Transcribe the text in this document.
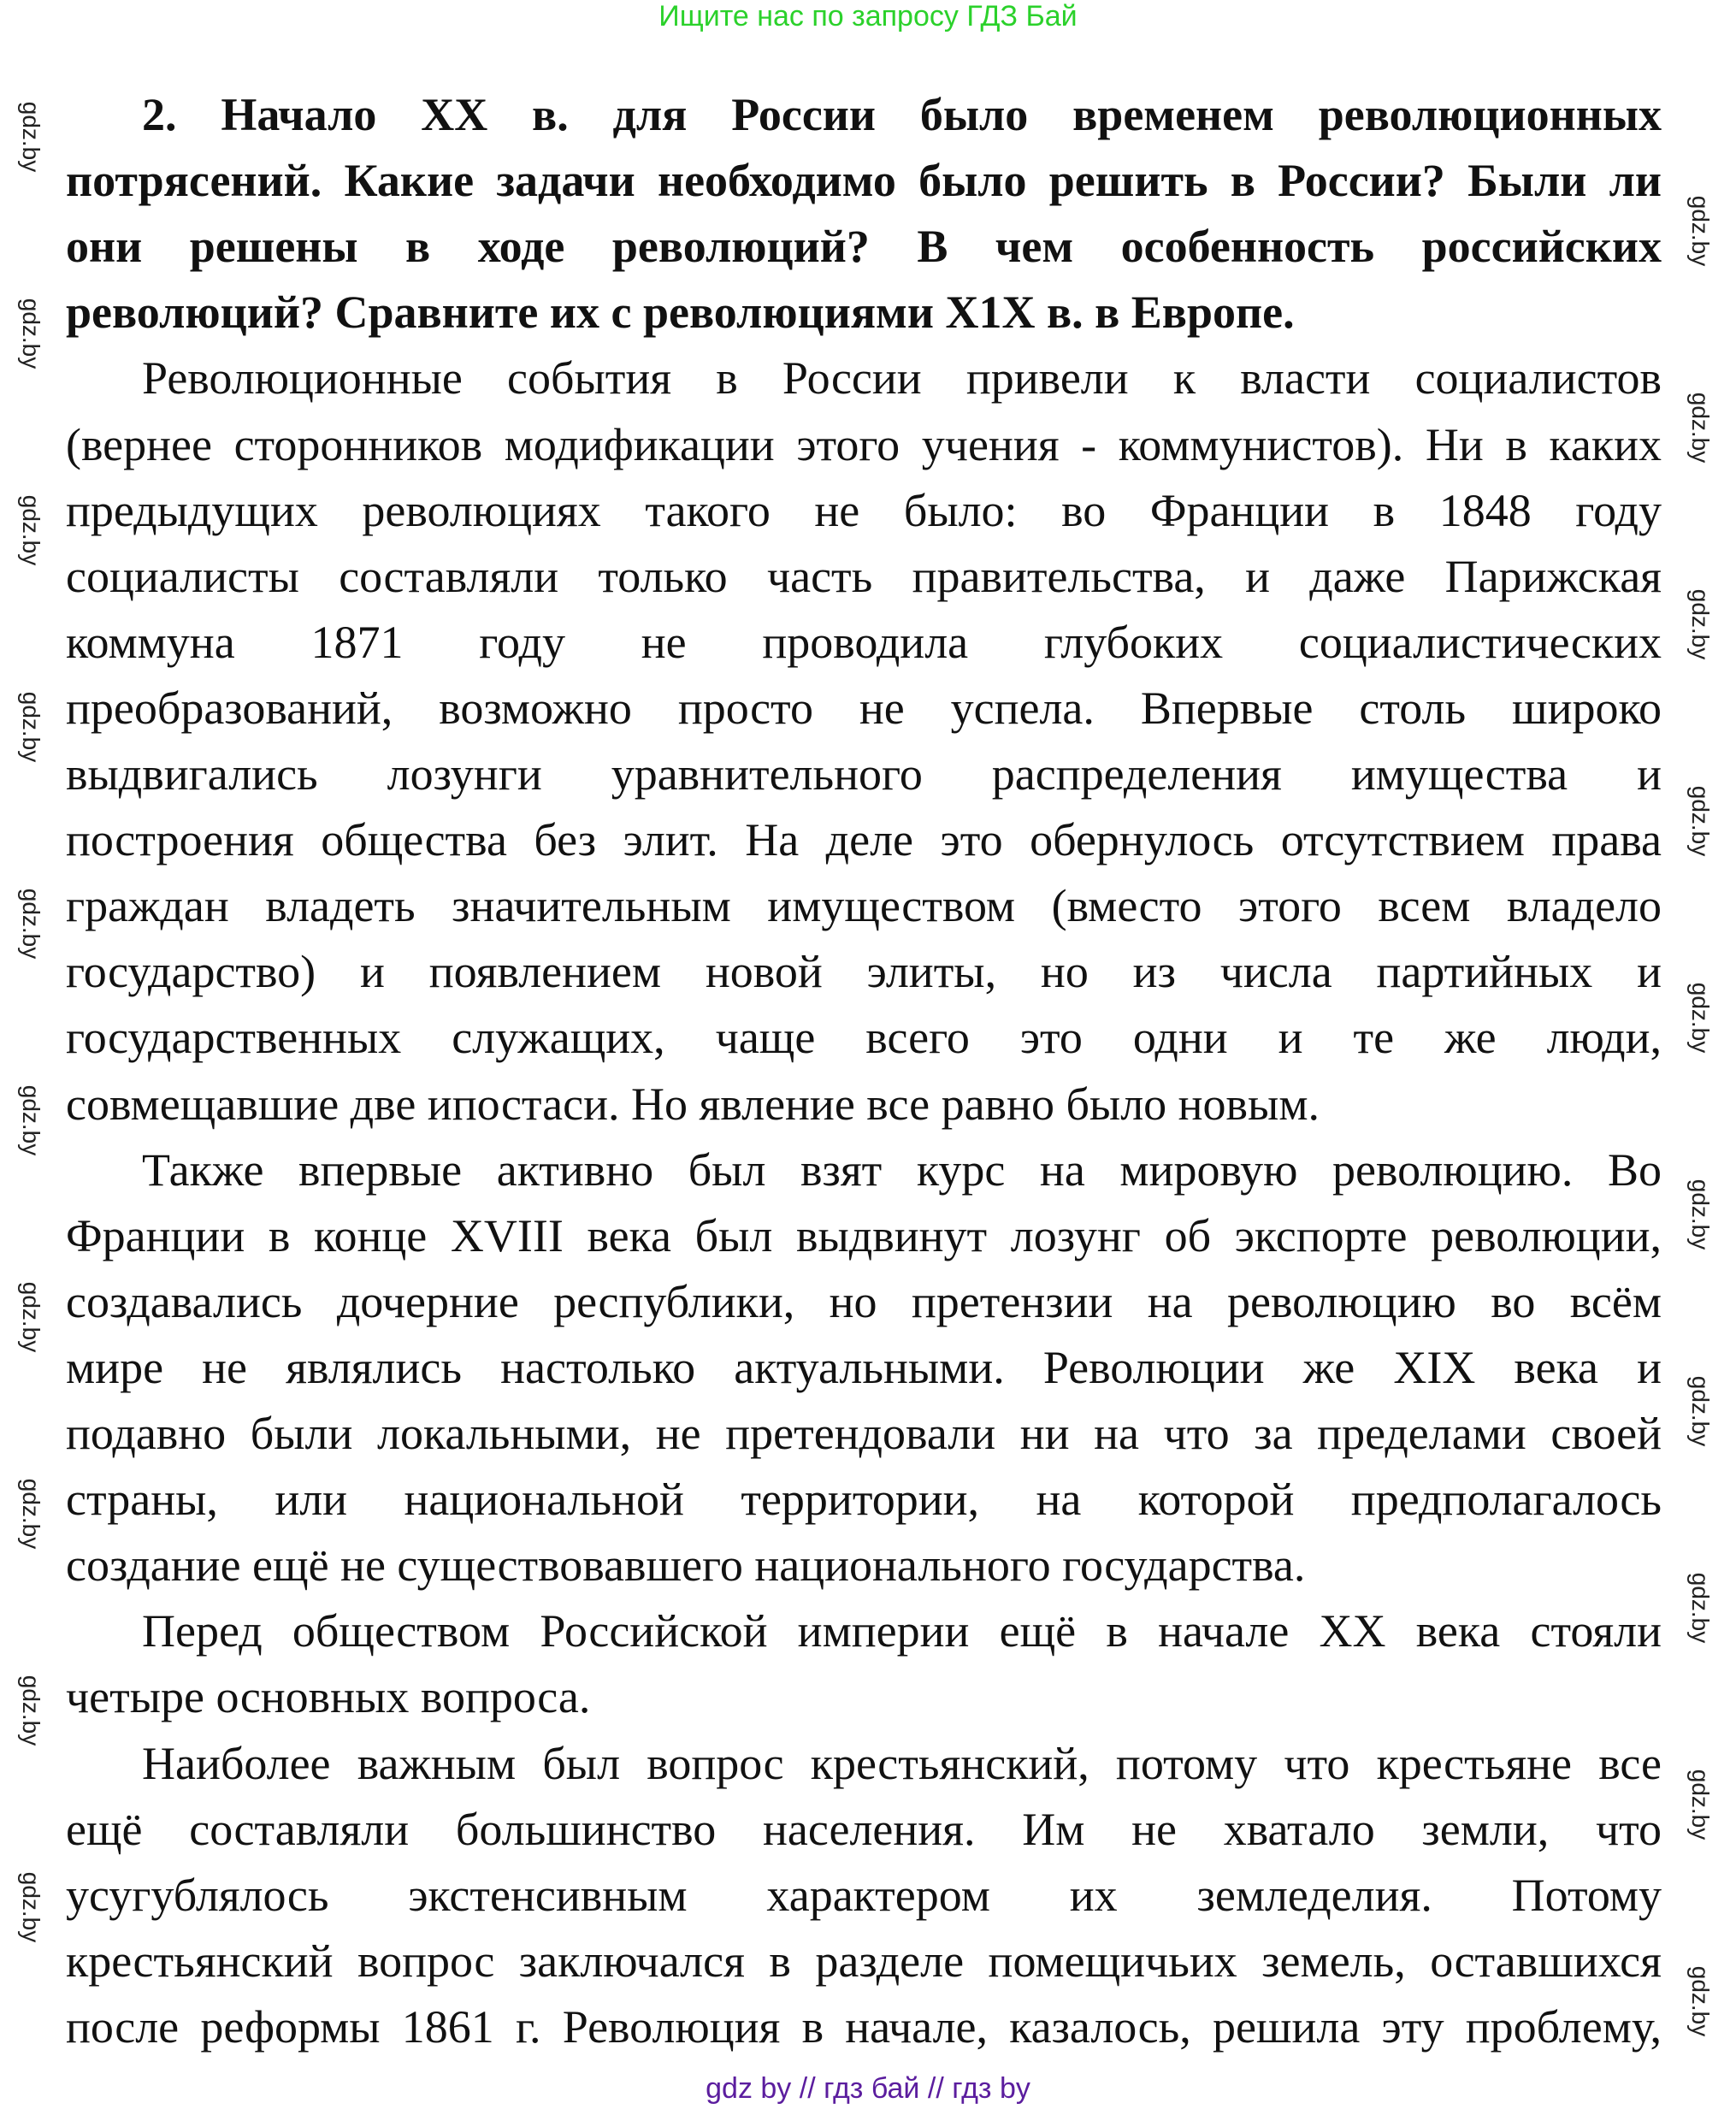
Ищите нас по запросу ГДЗ Бай
2. Начало XX в. для России было временем революционных
потрясений. Какие задачи необходимо было решить в России? Были ли
они решены в ходе революций? В чем особенность российских
революций? Сравните их с революциями X1X в. в Европе.
Революционные события в России привели к власти социалистов
(вернее сторонников модификации этого учения - коммунистов). Ни в каких
предыдущих революциях такого не было: во Франции в 1848 году
социалисты составляли только часть правительства, и даже Парижская
коммуна 1871 году не проводила глубоких социалистических
преобразований, возможно просто не успела. Впервые столь широко
выдвигались лозунги уравнительного распределения имущества и
построения общества без элит. На деле это обернулось отсутствием права
граждан владеть значительным имуществом (вместо этого всем владело
государство) и появлением новой элиты, но из числа партийных и
государственных служащих, чаще всего это одни и те же люди,
совмещавшие две ипостаси. Но явление все равно было новым.
Также впервые активно был взят курс на мировую революцию. Во
Франции в конце XVIII века был выдвинут лозунг об экспорте революции,
создавались дочерние республики, но претензии на революцию во всём
мире не являлись настолько актуальными. Революции же XIX века и
подавно были локальными, не претендовали ни на что за пределами своей
страны, или национальной территории, на которой предполагалось
создание ещё не существовавшего национального государства.
Перед обществом Российской империи ещё в начале XX века стояли
четыре основных вопроса.
Наиболее важным был вопрос крестьянский, потому что крестьяне все
ещё составляли большинство населения. Им не хватало земли, что
усугублялось экстенсивным характером их земледелия. Потому
крестьянский вопрос заключался в разделе помещичьих земель, оставшихся
после реформы 1861 г. Революция в начале, казалось, решила эту проблему,
gdz.by
gdz.by
gdz.by
gdz.by
gdz.by
gdz.by
gdz.by
gdz.by
gdz.by
gdz.by
gdz.by
gdz.by
gdz.by
gdz.by
gdz.by
gdz.by
gdz.by
gdz.by
gdz.by
gdz.by
gdz by // гдз бай // гдз by
